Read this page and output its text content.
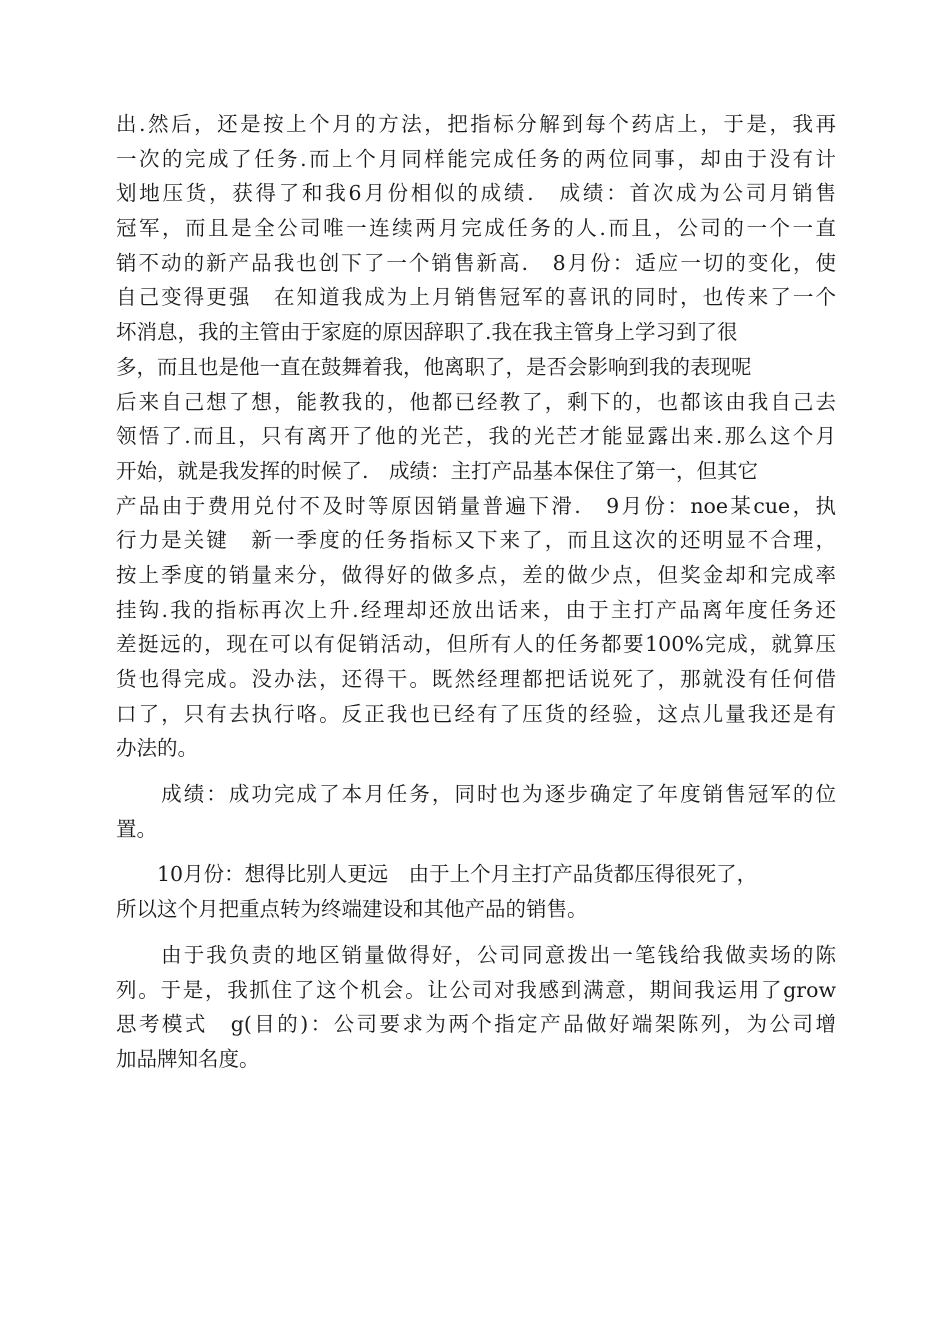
出.然后，还是按上个月的方法，把指标分解到每个药店上，于是，我再
一次的完成了任务.而上个月同样能完成任务的两位同事，却由于没有计
划地压货，获得了和我6月份相似的成绩.　成绩：首次成为公司月销售
冠军，而且是全公司唯一连续两月完成任务的人.而且，公司的一个一直
销不动的新产品我也创下了一个销售新高.　8月份：适应一切的变化，使
自己变得更强　在知道我成为上月销售冠军的喜讯的同时，也传来了一个
坏消息，我的主管由于家庭的原因辞职了.我在我主管身上学习到了很
多，而且也是他一直在鼓舞着我，他离职了，是否会影响到我的表现呢
后来自己想了想，能教我的，他都已经教了，剩下的，也都该由我自己去
领悟了.而且，只有离开了他的光芒，我的光芒才能显露出来.那么这个月
开始，就是我发挥的时候了.　成绩：主打产品基本保住了第一，但其它
产品由于费用兑付不及时等原因销量普遍下滑.　9月份：noe某cue，执
行力是关键　新一季度的任务指标又下来了，而且这次的还明显不合理，
按上季度的销量来分，做得好的做多点，差的做少点，但奖金却和完成率
挂钩.我的指标再次上升.经理却还放出话来，由于主打产品离年度任务还
差挺远的，现在可以有促销活动，但所有人的任务都要100%完成，就算压
货也得完成。没办法，还得干。既然经理都把话说死了，那就没有任何借
口了，只有去执行咯。反正我也已经有了压货的经验，这点儿量我还是有
办法的。
　　成绩：成功完成了本月任务，同时也为逐步确定了年度销售冠军的位
置。
　　10月份：想得比别人更远　由于上个月主打产品货都压得很死了，
所以这个月把重点转为终端建设和其他产品的销售。
　　由于我负责的地区销量做得好，公司同意拨出一笔钱给我做卖场的陈
列。于是，我抓住了这个机会。让公司对我感到满意，期间我运用了grow
思考模式　g(目的)：公司要求为两个指定产品做好端架陈列，为公司增
加品牌知名度。
